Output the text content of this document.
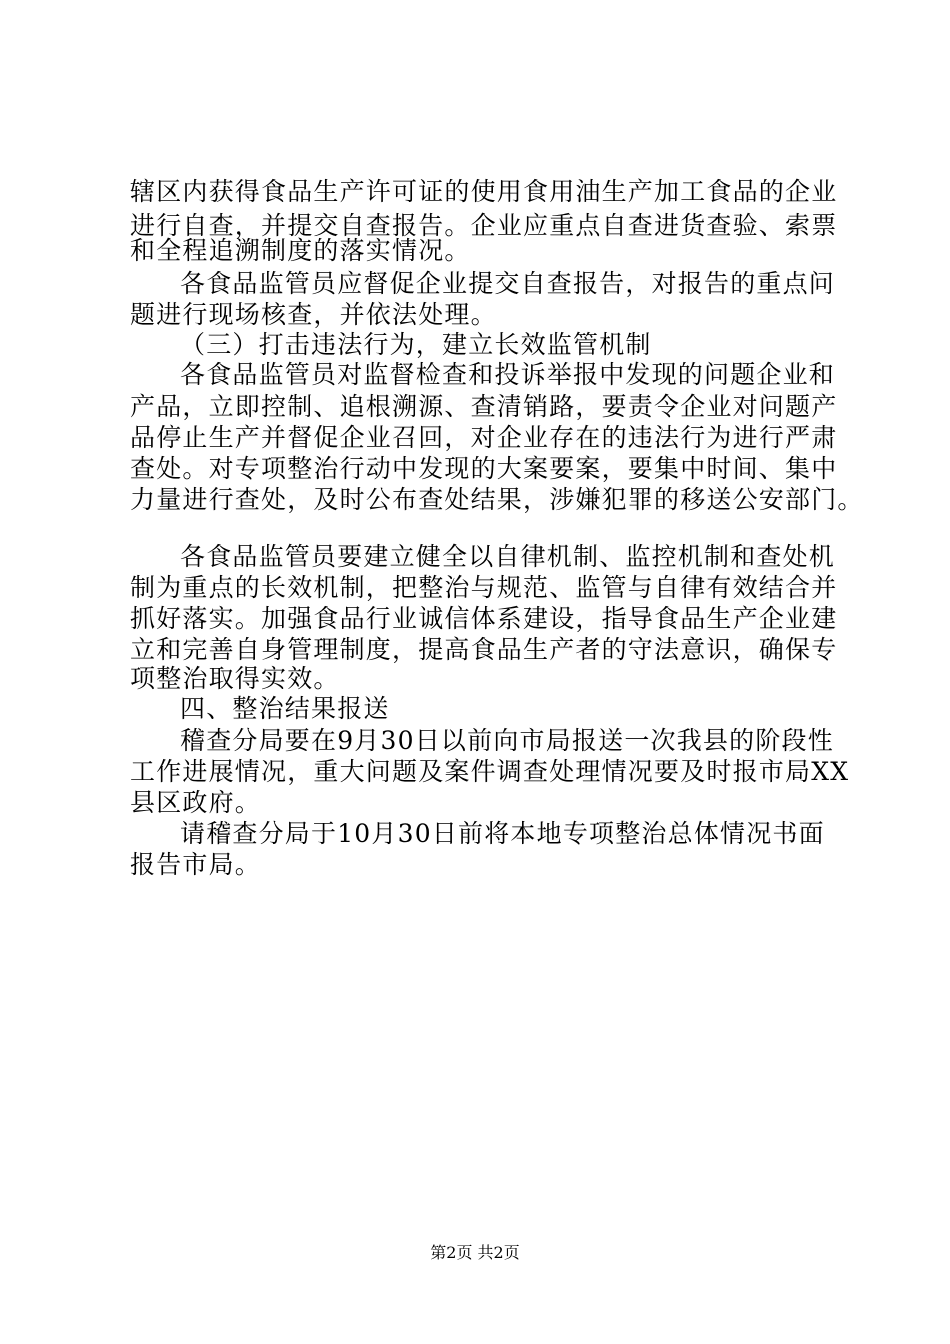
辖区内获得食品生产许可证的使用食用油生产加工食品的企业
进行自查，并提交自查报告。企业应重点自查进货查验、索票
和全程追溯制度的落实情况。
各食品监管员应督促企业提交自查报告，对报告的重点问
题进行现场核查，并依法处理。
（三）打击违法行为，建立长效监管机制
各食品监管员对监督检查和投诉举报中发现的问题企业和
产品，立即控制、追根溯源、查清销路，要责令企业对问题产
品停止生产并督促企业召回，对企业存在的违法行为进行严肃
查处。对专项整治行动中发现的大案要案，要集中时间、集中
力量进行查处，及时公布查处结果，涉嫌犯罪的移送公安部门。
各食品监管员要建立健全以自律机制、监控机制和查处机
制为重点的长效机制，把整治与规范、监管与自律有效结合并
抓好落实。加强食品行业诚信体系建设，指导食品生产企业建
立和完善自身管理制度，提高食品生产者的守法意识，确保专
项整治取得实效。
四、整治结果报送
稽查分局要在9月30日以前向市局报送一次我县的阶段性
工作进展情况，重大问题及案件调查处理情况要及时报市局XX
县区政府。
请稽查分局于10月30日前将本地专项整治总体情况书面
报告市局。
第2页 共2页
